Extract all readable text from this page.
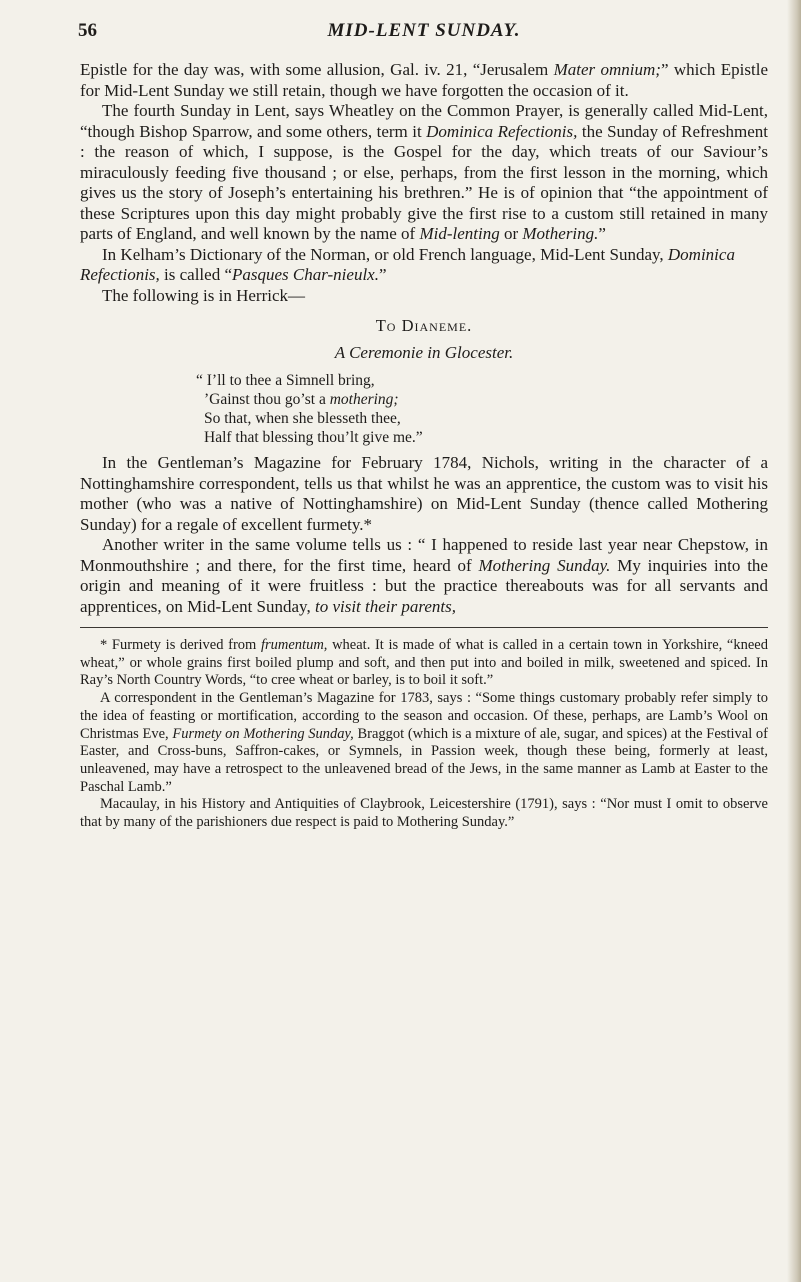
56	MID-LENT SUNDAY.

Epistle for the day was, with some allusion, Gal. iv. 21, “Jerusalem Mater omnium;” which Epistle for Mid-Lent Sunday we still retain, though we have forgotten the occasion of it.

The fourth Sunday in Lent, says Wheatley on the Common Prayer, is generally called Mid-Lent, “though Bishop Sparrow, and some others, term it Dominica Refectionis, the Sunday of Refreshment : the reason of which, I suppose, is the Gospel for the day, which treats of our Saviour’s miraculously feeding five thousand ; or else, perhaps, from the first lesson in the morning, which gives us the story of Joseph’s entertaining his brethren.” He is of opinion that “the appointment of these Scriptures upon this day might probably give the first rise to a custom still retained in many parts of England, and well known by the name of Mid-lenting or Mothering.”

In Kelham’s Dictionary of the Norman, or old French language, Mid-Lent Sunday, Dominica Refectionis, is called “Pasques Char-nieulx.”

The following is in Herrick—

To Dianeme.
A Ceremonie in Glocester.
“ I’ll to thee a Simnell bring,
’Gainst thou go’st a mothering;
So that, when she blesseth thee,
Half that blessing thou’lt give me.”

In the Gentleman’s Magazine for February 1784, Nichols, writing in the character of a Nottinghamshire correspondent, tells us that whilst he was an apprentice, the custom was to visit his mother (who was a native of Nottinghamshire) on Mid-Lent Sunday (thence called Mothering Sunday) for a regale of excellent furmety.*

Another writer in the same volume tells us : “ I happened to reside last year near Chepstow, in Monmouthshire ; and there, for the first time, heard of Mothering Sunday. My inquiries into the origin and meaning of it were fruitless : but the practice thereabouts was for all servants and apprentices, on Mid-Lent Sunday, to visit their parents,

* Furmety is derived from frumentum, wheat. It is made of what is called in a certain town in Yorkshire, “kneed wheat,” or whole grains first boiled plump and soft, and then put into and boiled in milk, sweetened and spiced. In Ray’s North Country Words, “to cree wheat or barley, is to boil it soft.”

A correspondent in the Gentleman’s Magazine for 1783, says : “Some things customary probably refer simply to the idea of feasting or mortification, according to the season and occasion. Of these, perhaps, are Lamb’s Wool on Christmas Eve, Furmety on Mothering Sunday, Braggot (which is a mixture of ale, sugar, and spices) at the Festival of Easter, and Cross-buns, Saffron-cakes, or Symnels, in Passion week, though these being, formerly at least, unleavened, may have a retrospect to the unleavened bread of the Jews, in the same manner as Lamb at Easter to the Paschal Lamb.”

Macaulay, in his History and Antiquities of Claybrook, Leicestershire (1791), says : “Nor must I omit to observe that by many of the parishioners due respect is paid to Mothering Sunday.”
